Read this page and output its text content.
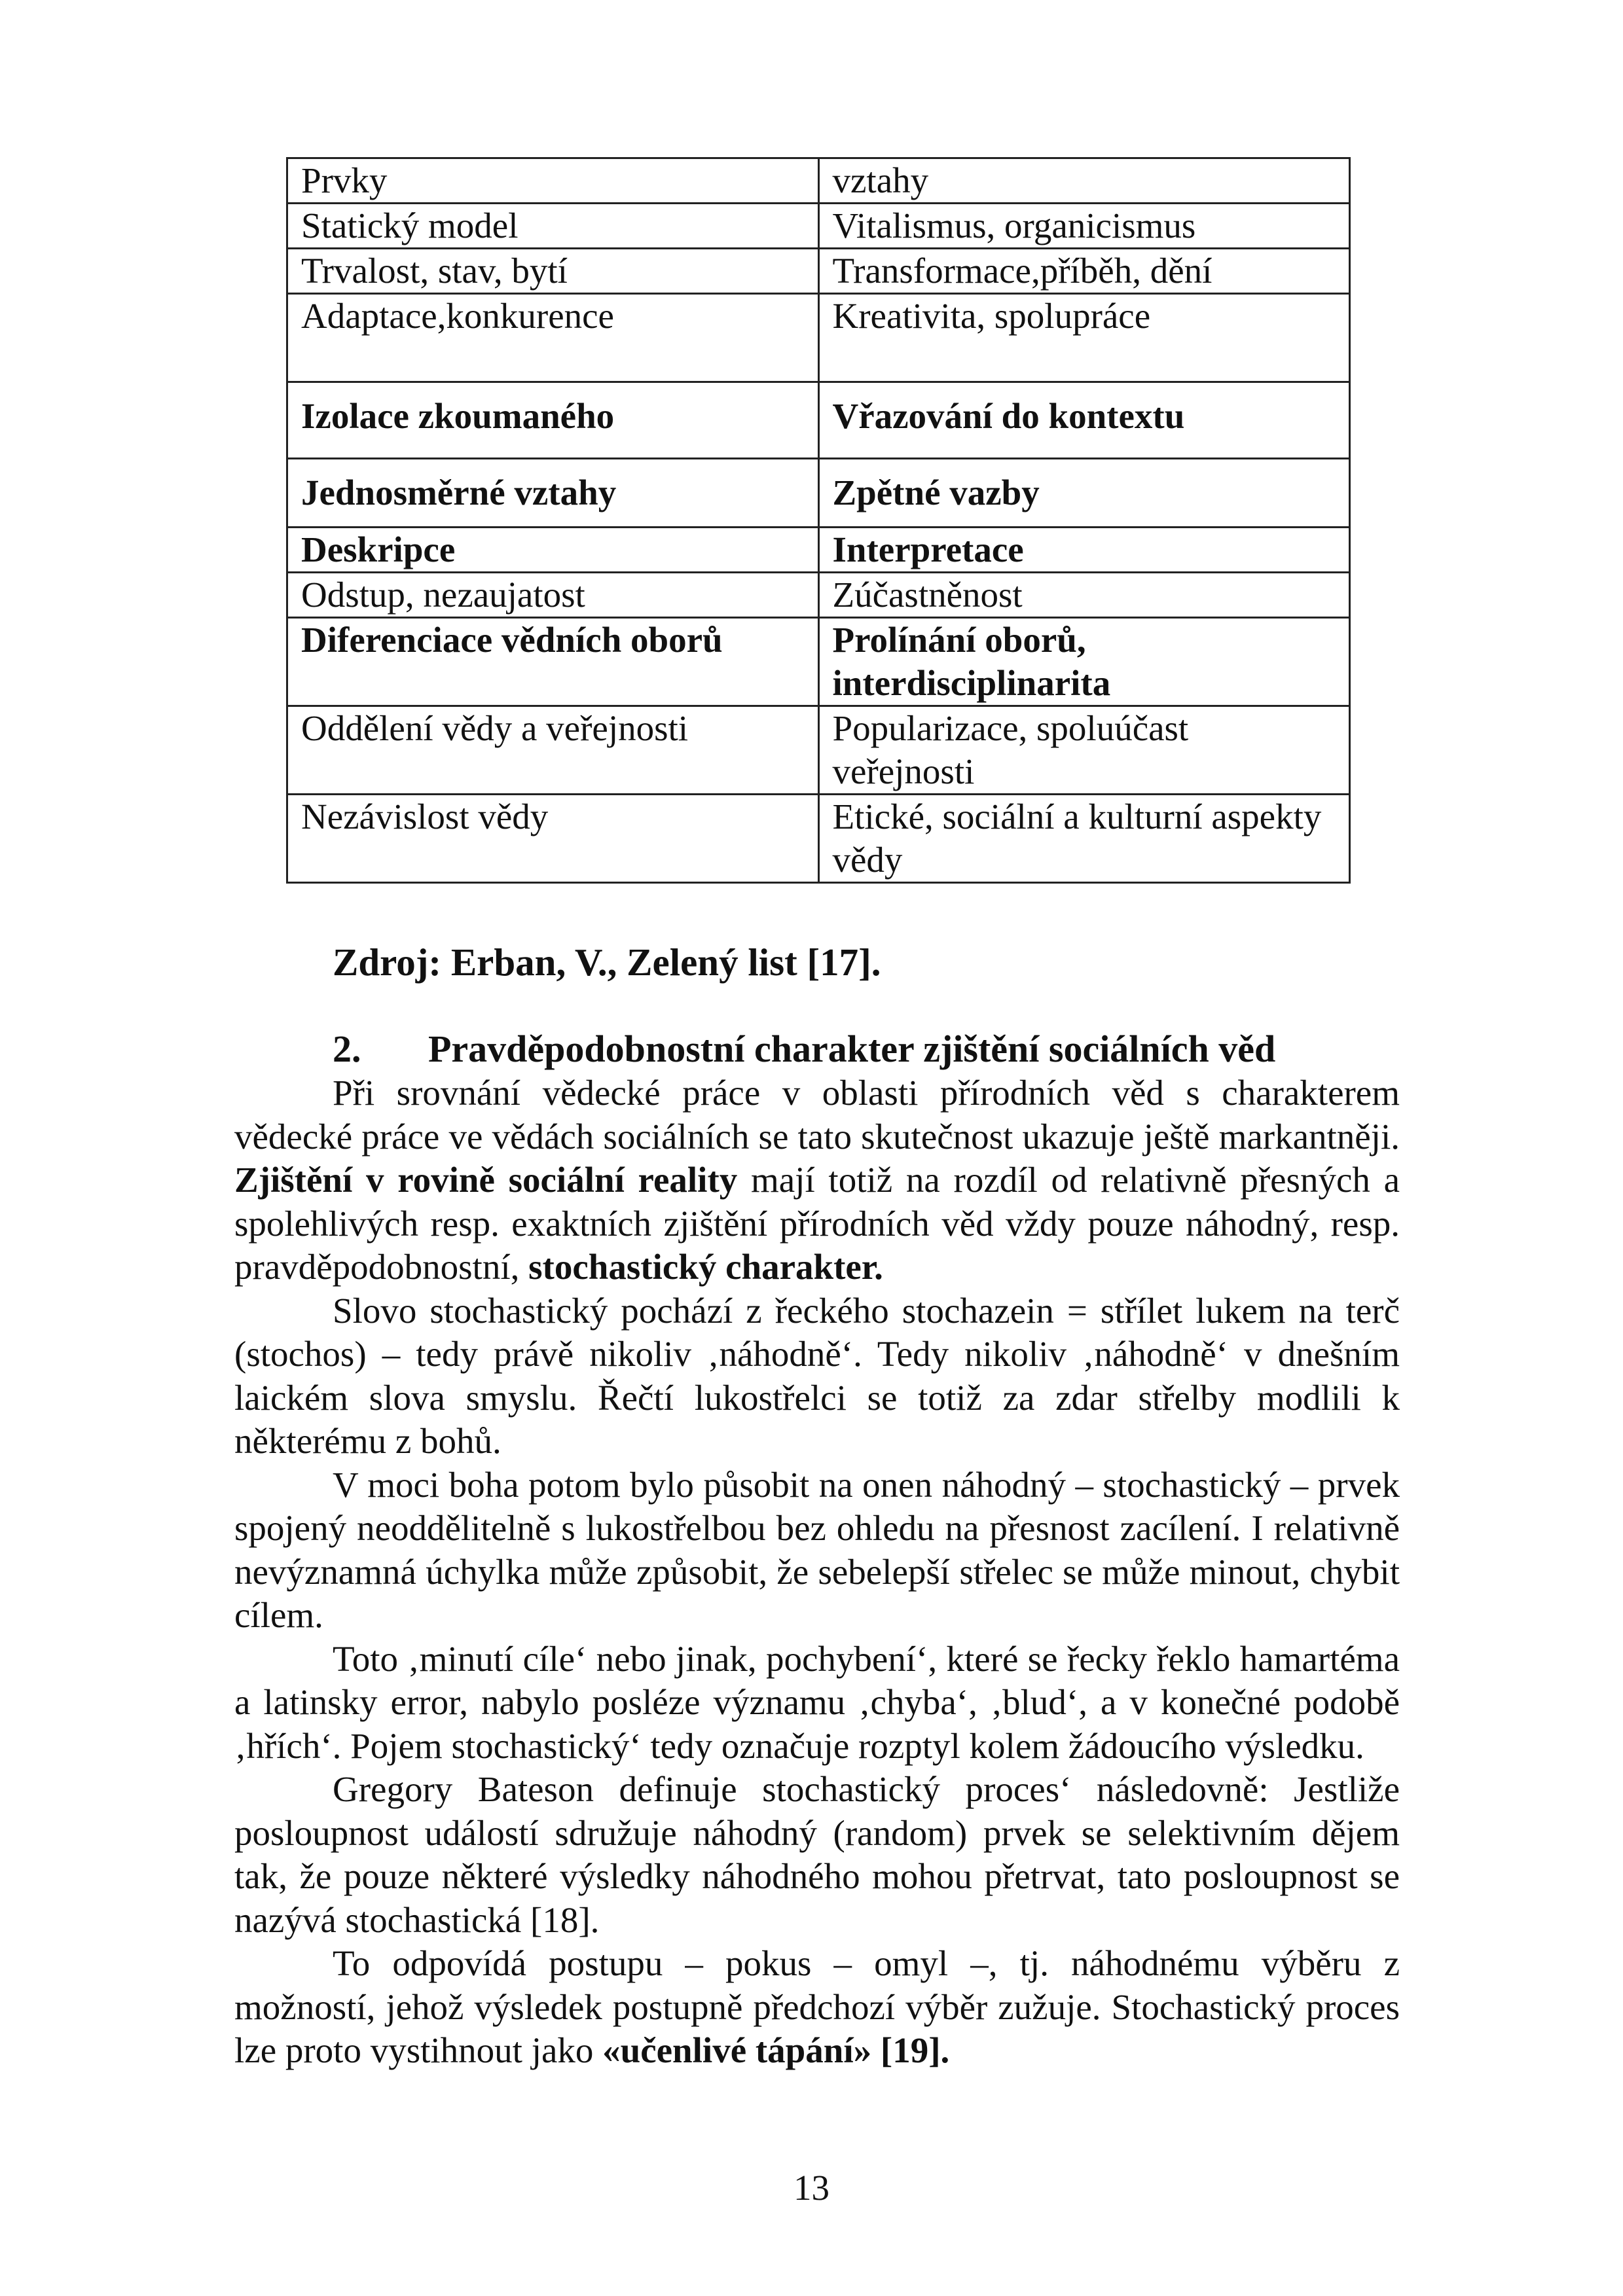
Prvky	vztahy
Statický model	Vitalismus, organicismus
Trvalost, stav, bytí	Transformace,příběh, dění
Adaptace,konkurence	Kreativita, spolupráce
Izolace zkoumaného	Vřazování do kontextu
Jednosměrné vztahy	Zpětné vazby
Deskripce	Interpretace
Odstup, nezaujatost	Zúčastněnost
Diferenciace vědních oborů	Prolínání oborů, interdisciplinarita
Oddělení vědy a veřejnosti	Popularizace, spoluúčast veřejnosti
Nezávislost vědy	Etické, sociální a kulturní aspekty vědy
Zdroj: Erban, V., Zelený list [17].
2. Pravděpodobnostní charakter zjištění sociálních věd

Při srovnání vědecké práce v oblasti přírodních věd s charakterem vědecké práce ve vědách sociálních se tato skutečnost ukazuje ještě markantněji. Zjištění v rovině sociální reality mají totiž na rozdíl od relativně přesných a spolehlivých resp. exaktních zjištění přírodních věd vždy pouze náhodný, resp. pravděpodobnostní, stochastický charakter.

Slovo stochastický pochází z řeckého stochazein = střílet lukem na terč (stochos) – tedy právě nikoliv ‚náhodně‘. Tedy nikoliv ‚náhodně‘ v dnešním laickém slova smyslu. Řečtí lukostřelci se totiž za zdar střelby modlili k některému z bohů.

V moci boha potom bylo působit na onen náhodný – stochastický – prvek spojený neoddělitelně s lukostřelbou bez ohledu na přesnost zacílení. I relativně nevýznamná úchylka může způsobit, že sebelepší střelec se může minout, chybit cílem.

Toto ‚minutí cíle‘ nebo jinak, pochybení‘, které se řecky řeklo hamartéma a latinsky error, nabylo posléze významu ‚chyba‘, ‚blud‘, a v konečné podobě ‚hřích‘. Pojem stochastický‘ tedy označuje rozptyl kolem žádoucího výsledku.

Gregory Bateson definuje stochastický proces‘ následovně: Jestliže posloupnost událostí sdružuje náhodný (random) prvek se selektivním dějem tak, že pouze některé výsledky náhodného mohou přetrvat, tato posloupnost se nazývá stochastická [18].

To odpovídá postupu – pokus – omyl –, tj. náhodnému výběru z možností, jehož výsledek postupně předchozí výběr zužuje. Stochastický proces lze proto vystihnout jako «učenlivé tápání» [19].

13
